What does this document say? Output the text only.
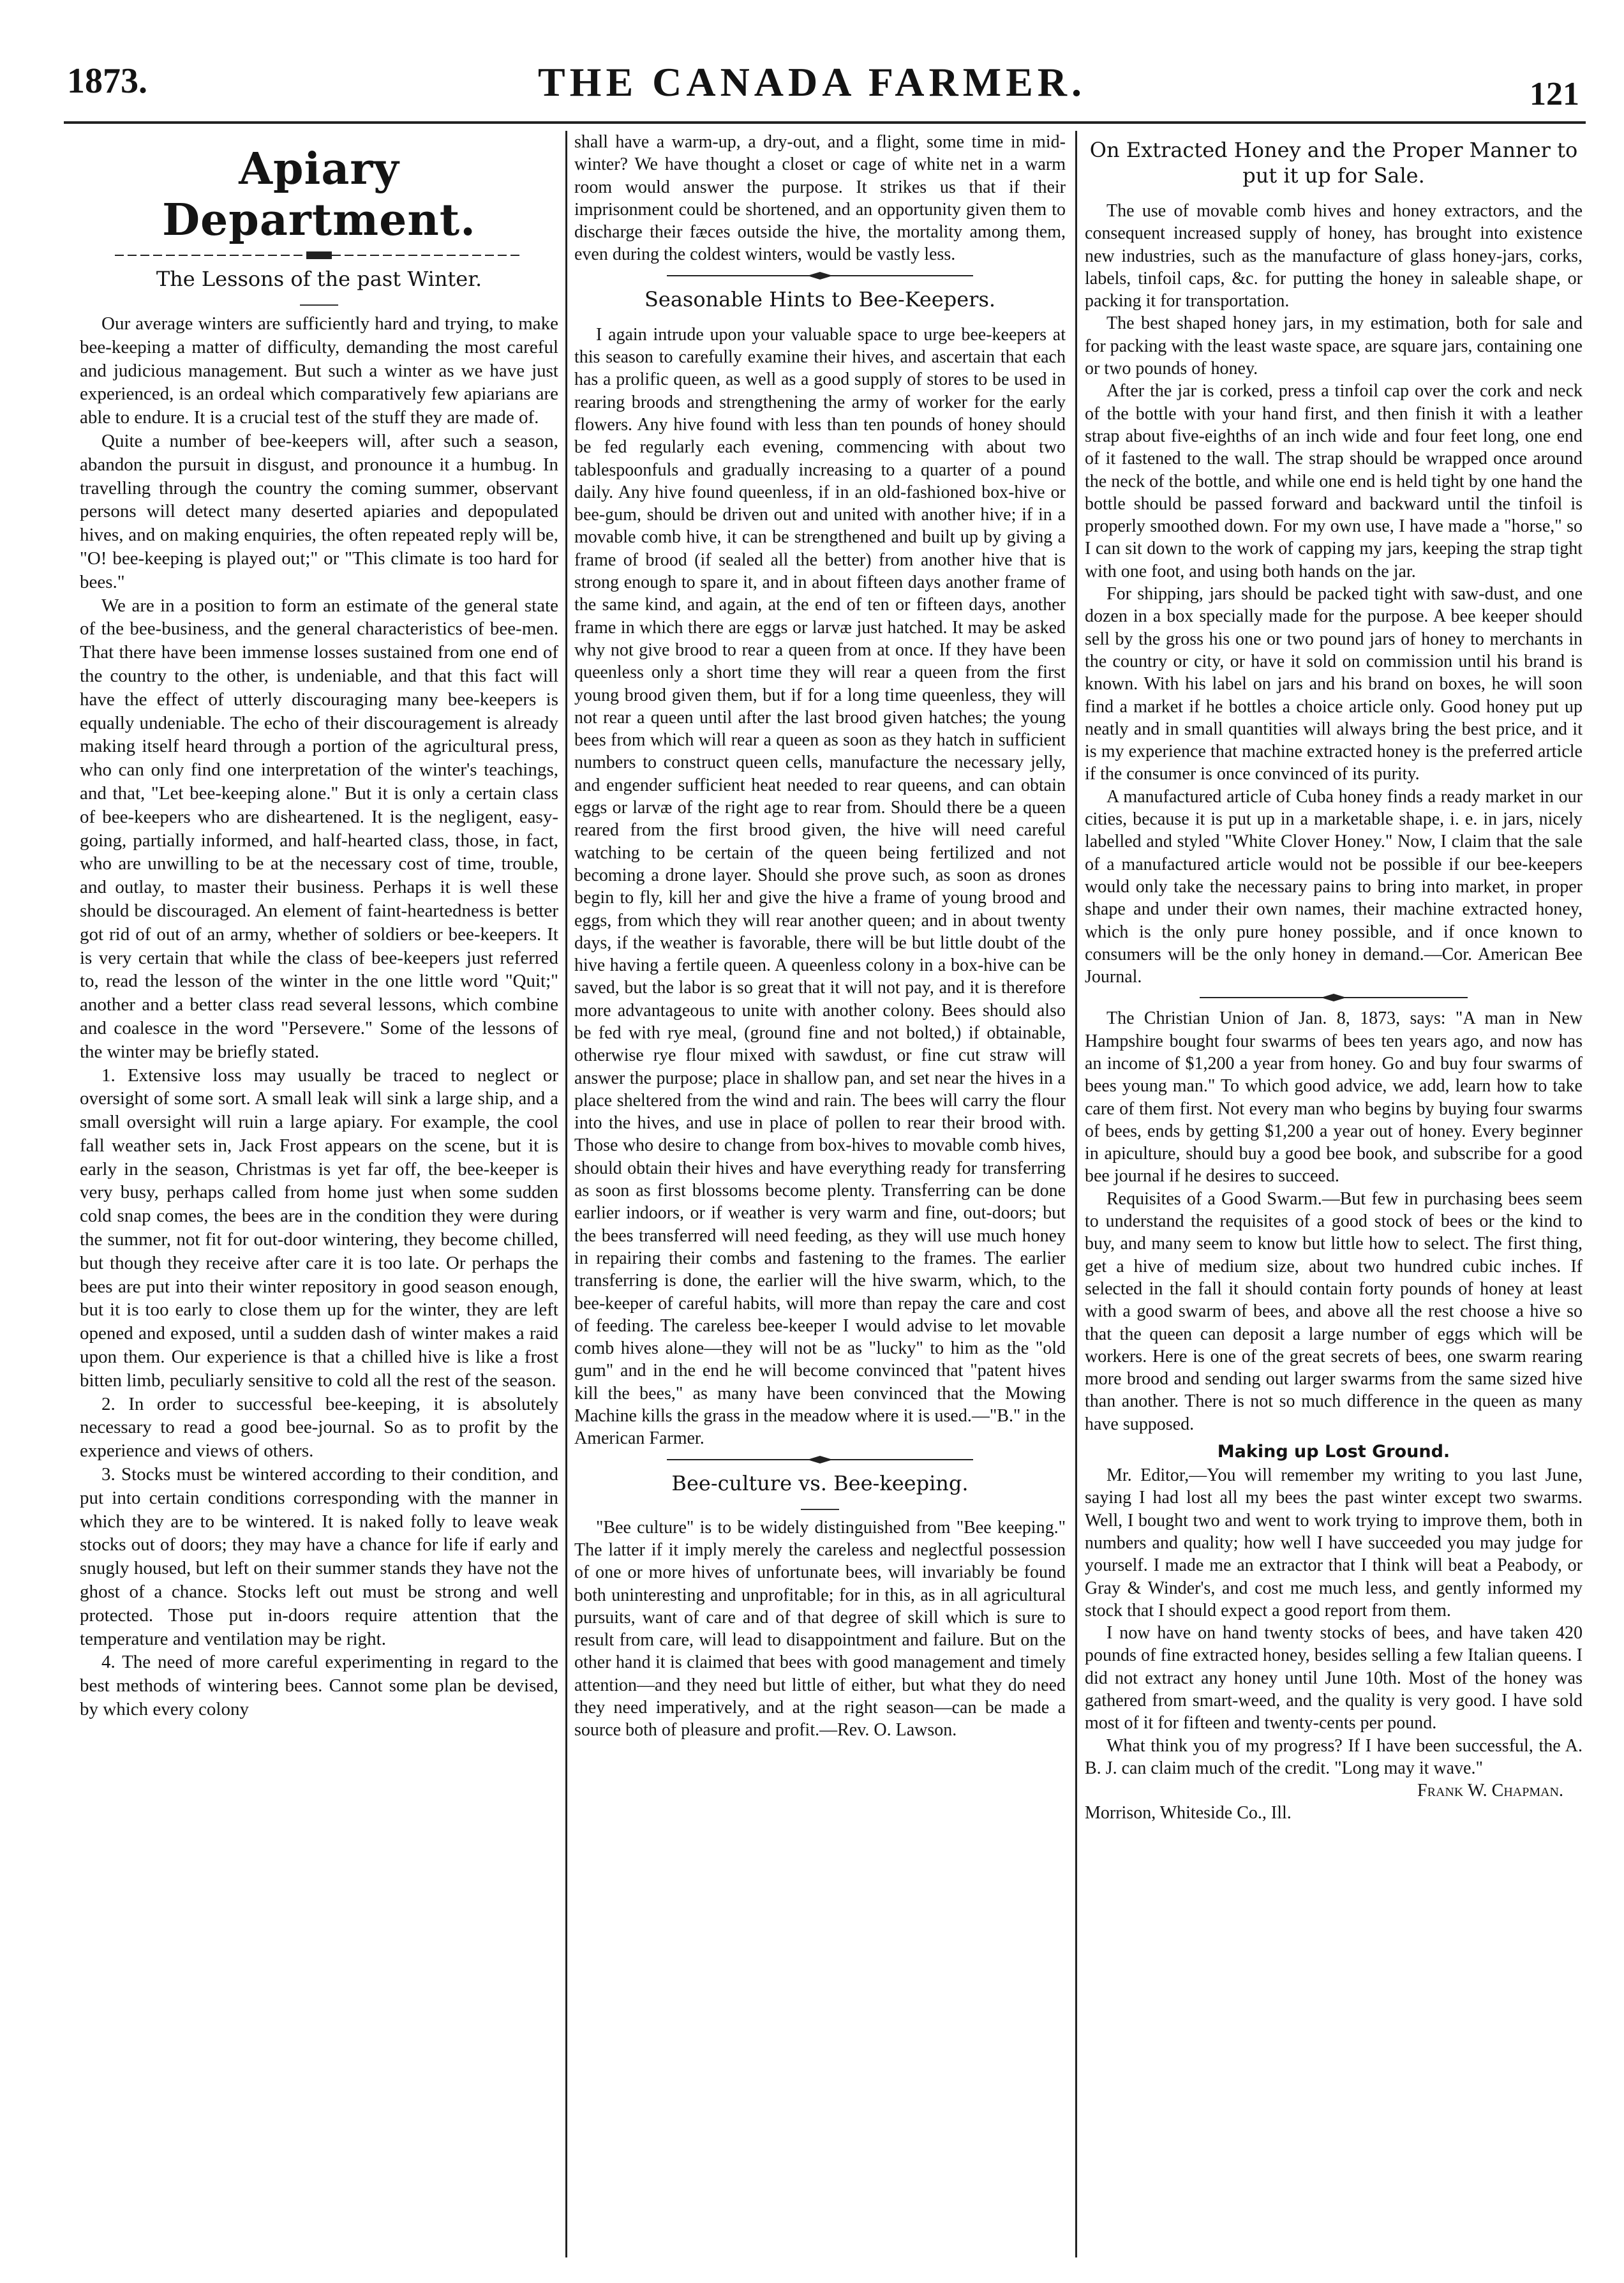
1873.	THE CANADA FARMER.	121
Apiary Department.
The Lessons of the past Winter.

Our average winters are sufficiently hard and trying, to make bee-keeping a matter of difficulty, demanding the most careful and judicious management. But such a winter as we have just experienced, is an ordeal which comparatively few apiarians are able to endure. It is a crucial test of the stuff they are made of.

Quite a number of bee-keepers will, after such a season, abandon the pursuit in disgust, and pronounce it a humbug. In travelling through the country the coming summer, observant persons will detect many deserted apiaries and depopulated hives, and on making enquiries, the often repeated reply will be, "O! bee-keeping is played out;" or "This climate is too hard for bees."

We are in a position to form an estimate of the general state of the bee-business, and the general characteristics of bee-men. That there have been immense losses sustained from one end of the country to the other, is undeniable, and that this fact will have the effect of utterly discouraging many bee-keepers is equally undeniable. The echo of their discouragement is already making itself heard through a portion of the agricultural press, who can only find one interpretation of the winter's teachings, and that, "Let bee-keeping alone." But it is only a certain class of bee-keepers who are disheartened. It is the negligent, easy-going, partially informed, and half-hearted class, those, in fact, who are unwilling to be at the necessary cost of time, trouble, and outlay, to master their business. Perhaps it is well these should be discouraged. An element of faint-heartedness is better got rid of out of an army, whether of soldiers or bee-keepers. It is very certain that while the class of bee-keepers just referred to, read the lesson of the winter in the one little word "Quit;" another and a better class read several lessons, which combine and coalesce in the word "Persevere." Some of the lessons of the winter may be briefly stated.

1. Extensive loss may usually be traced to neglect or oversight of some sort. A small leak will sink a large ship, and a small oversight will ruin a large apiary. For example, the cool fall weather sets in, Jack Frost appears on the scene, but it is early in the season, Christmas is yet far off, the bee-keeper is very busy, perhaps called from home just when some sudden cold snap comes, the bees are in the condition they were during the summer, not fit for out-door wintering, they become chilled, but though they receive after care it is too late. Or perhaps the bees are put into their winter repository in good season enough, but it is too early to close them up for the winter, they are left opened and exposed, until a sudden dash of winter makes a raid upon them. Our experience is that a chilled hive is like a frost bitten limb, peculiarly sensitive to cold all the rest of the season.

2. In order to successful bee-keeping, it is absolutely necessary to read a good bee-journal. So as to profit by the experience and views of others.

3. Stocks must be wintered according to their condition, and put into certain conditions corresponding with the manner in which they are to be wintered. It is naked folly to leave weak stocks out of doors; they may have a chance for life if early and snugly housed, but left on their summer stands they have not the ghost of a chance. Stocks left out must be strong and well protected. Those put in-doors require attention that the temperature and ventilation may be right.

4. The need of more careful experimenting in regard to the best methods of wintering bees. Cannot some plan be devised, by which every colony

shall have a warm-up, a dry-out, and a flight, some time in mid-winter? We have thought a closet or cage of white net in a warm room would answer the purpose. It strikes us that if their imprisonment could be shortened, and an opportunity given them to discharge their fæces outside the hive, the mortality among them, even during the coldest winters, would be vastly less.

Seasonable Hints to Bee-Keepers.

I again intrude upon your valuable space to urge bee-keepers at this season to carefully examine their hives, and ascertain that each has a prolific queen, as well as a good supply of stores to be used in rearing broods and strengthening the army of worker for the early flowers. Any hive found with less than ten pounds of honey should be fed regularly each evening, commencing with about two tablespoonfuls and gradually increasing to a quarter of a pound daily. Any hive found queenless, if in an old-fashioned box-hive or bee-gum, should be driven out and united with another hive; if in a movable comb hive, it can be strengthened and built up by giving a frame of brood (if sealed all the better) from another hive that is strong enough to spare it, and in about fifteen days another frame of the same kind, and again, at the end of ten or fifteen days, another frame in which there are eggs or larvæ just hatched. It may be asked why not give brood to rear a queen from at once. If they have been queenless only a short time they will rear a queen from the first young brood given them, but if for a long time queenless, they will not rear a queen until after the last brood given hatches; the young bees from which will rear a queen as soon as they hatch in sufficient numbers to construct queen cells, manufacture the necessary jelly, and engender sufficient heat needed to rear queens, and can obtain eggs or larvæ of the right age to rear from. Should there be a queen reared from the first brood given, the hive will need careful watching to be certain of the queen being fertilized and not becoming a drone layer. Should she prove such, as soon as drones begin to fly, kill her and give the hive a frame of young brood and eggs, from which they will rear another queen; and in about twenty days, if the weather is favorable, there will be but little doubt of the hive having a fertile queen. A queenless colony in a box-hive can be saved, but the labor is so great that it will not pay, and it is therefore more advantageous to unite with another colony. Bees should also be fed with rye meal, (ground fine and not bolted,) if obtainable, otherwise rye flour mixed with sawdust, or fine cut straw will answer the purpose; place in shallow pan, and set near the hives in a place sheltered from the wind and rain. The bees will carry the flour into the hives, and use in place of pollen to rear their brood with. Those who desire to change from box-hives to movable comb hives, should obtain their hives and have everything ready for transferring as soon as first blossoms become plenty. Transferring can be done earlier indoors, or if weather is very warm and fine, out-doors; but the bees transferred will need feeding, as they will use much honey in repairing their combs and fastening to the frames. The earlier transferring is done, the earlier will the hive swarm, which, to the bee-keeper of careful habits, will more than repay the care and cost of feeding. The careless bee-keeper I would advise to let movable comb hives alone—they will not be as "lucky" to him as the "old gum" and in the end he will become convinced that "patent hives kill the bees," as many have been convinced that the Mowing Machine kills the grass in the meadow where it is used.—"B." in the American Farmer.

Bee-culture vs. Bee-keeping.

"Bee culture" is to be widely distinguished from "Bee keeping." The latter if it imply merely the careless and neglectful possession of one or more hives of unfortunate bees, will invariably be found both uninteresting and unprofitable; for in this, as in all agricultural pursuits, want of care and of that degree of skill which is sure to result from care, will lead to disappointment and failure. But on the other hand it is claimed that bees with good management and timely attention—and they need but little of either, but what they do need they need imperatively, and at the right season—can be made a source both of pleasure and profit.—Rev. O. Lawson.

On Extracted Honey and the Proper Manner to put it up for Sale.

The use of movable comb hives and honey extractors, and the consequent increased supply of honey, has brought into existence new industries, such as the manufacture of glass honey-jars, corks, labels, tinfoil caps, &c. for putting the honey in saleable shape, or packing it for transportation.

The best shaped honey jars, in my estimation, both for sale and for packing with the least waste space, are square jars, containing one or two pounds of honey.

After the jar is corked, press a tinfoil cap over the cork and neck of the bottle with your hand first, and then finish it with a leather strap about five-eighths of an inch wide and four feet long, one end of it fastened to the wall. The strap should be wrapped once around the neck of the bottle, and while one end is held tight by one hand the bottle should be passed forward and backward until the tinfoil is properly smoothed down. For my own use, I have made a "horse," so I can sit down to the work of capping my jars, keeping the strap tight with one foot, and using both hands on the jar.

For shipping, jars should be packed tight with saw-dust, and one dozen in a box specially made for the purpose. A bee keeper should sell by the gross his one or two pound jars of honey to merchants in the country or city, or have it sold on commission until his brand is known. With his label on jars and his brand on boxes, he will soon find a market if he bottles a choice article only. Good honey put up neatly and in small quantities will always bring the best price, and it is my experience that machine extracted honey is the preferred article if the consumer is once convinced of its purity.

A manufactured article of Cuba honey finds a ready market in our cities, because it is put up in a marketable shape, i. e. in jars, nicely labelled and styled "White Clover Honey." Now, I claim that the sale of a manufactured article would not be possible if our bee-keepers would only take the necessary pains to bring into market, in proper shape and under their own names, their machine extracted honey, which is the only pure honey possible, and if once known to consumers will be the only honey in demand.—Cor. American Bee Journal.

The Christian Union of Jan. 8, 1873, says: "A man in New Hampshire bought four swarms of bees ten years ago, and now has an income of $1,200 a year from honey. Go and buy four swarms of bees young man." To which good advice, we add, learn how to take care of them first. Not every man who begins by buying four swarms of bees, ends by getting $1,200 a year out of honey. Every beginner in apiculture, should buy a good bee book, and subscribe for a good bee journal if he desires to succeed.

Requisites of a Good Swarm.—But few in purchasing bees seem to understand the requisites of a good stock of bees or the kind to buy, and many seem to know but little how to select. The first thing, get a hive of medium size, about two hundred cubic inches. If selected in the fall it should contain forty pounds of honey at least with a good swarm of bees, and above all the rest choose a hive so that the queen can deposit a large number of eggs which will be workers. Here is one of the great secrets of bees, one swarm rearing more brood and sending out larger swarms from the same sized hive than another. There is not so much difference in the queen as many have supposed.

Making up Lost Ground.

Mr. Editor,—You will remember my writing to you last June, saying I had lost all my bees the past winter except two swarms. Well, I bought two and went to work trying to improve them, both in numbers and quality; how well I have succeeded you may judge for yourself. I made me an extractor that I think will beat a Peabody, or Gray & Winder's, and cost me much less, and gently informed my stock that I should expect a good report from them.

I now have on hand twenty stocks of bees, and have taken 420 pounds of fine extracted honey, besides selling a few Italian queens. I did not extract any honey until June 10th. Most of the honey was gathered from smart-weed, and the quality is very good. I have sold most of it for fifteen and twenty-cents per pound.

What think you of my progress? If I have been successful, the A. B. J. can claim much of the credit. "Long may it wave."

Frank W. Chapman.

Morrison, Whiteside Co., Ill.
